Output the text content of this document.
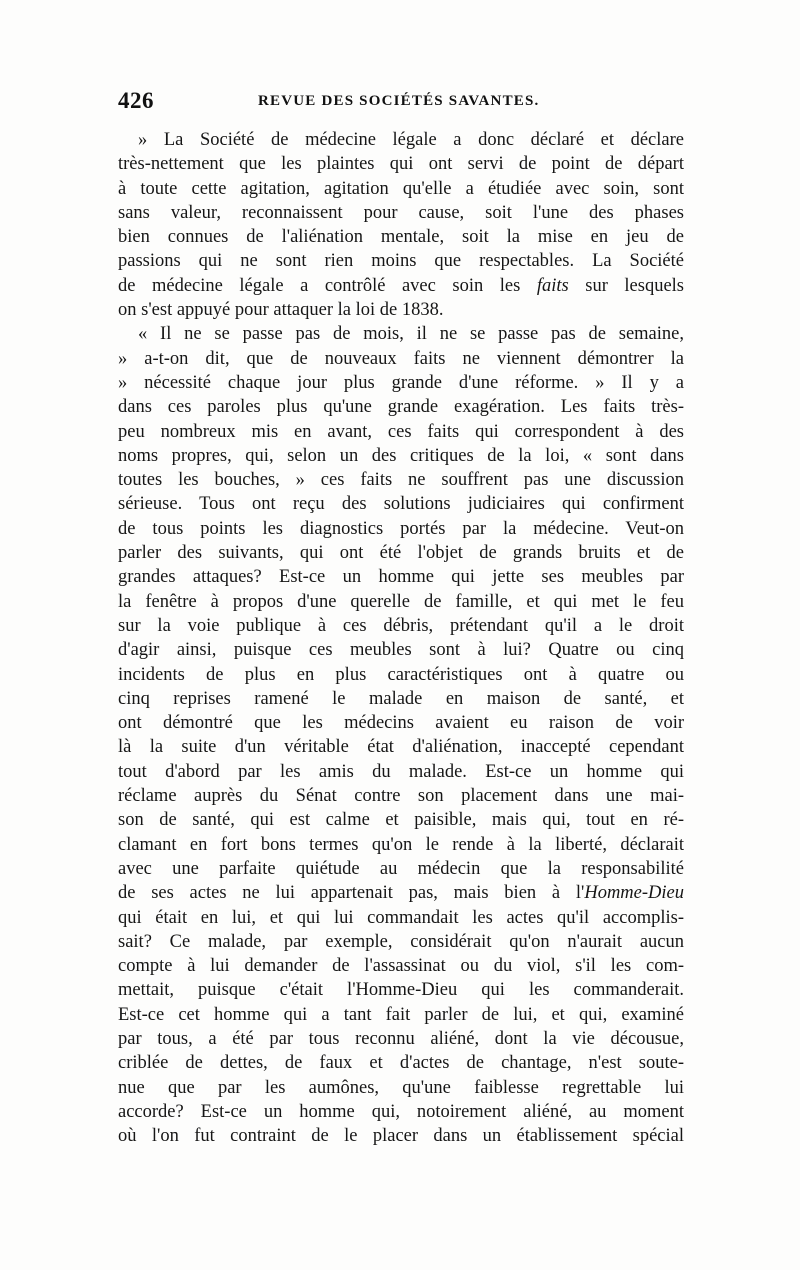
426	REVUE DES SOCIÉTÉS SAVANTES.
» La Société de médecine légale a donc déclaré et déclare
très-nettement que les plaintes qui ont servi de point de départ
à toute cette agitation, agitation qu'elle a étudiée avec soin, sont
sans valeur, reconnaissent pour cause, soit l'une des phases
bien connues de l'aliénation mentale, soit la mise en jeu de
passions qui ne sont rien moins que respectables. La Société
de médecine légale a contrôlé avec soin les faits sur lesquels
on s'est appuyé pour attaquer la loi de 1838.
« Il ne se passe pas de mois, il ne se passe pas de semaine,
» a-t-on dit, que de nouveaux faits ne viennent démontrer la
» nécessité chaque jour plus grande d'une réforme. » Il y a
dans ces paroles plus qu'une grande exagération. Les faits très-
peu nombreux mis en avant, ces faits qui correspondent à des
noms propres, qui, selon un des critiques de la loi, « sont dans
toutes les bouches, » ces faits ne souffrent pas une discussion
sérieuse. Tous ont reçu des solutions judiciaires qui confirment
de tous points les diagnostics portés par la médecine. Veut-on
parler des suivants, qui ont été l'objet de grands bruits et de
grandes attaques? Est-ce un homme qui jette ses meubles par
la fenêtre à propos d'une querelle de famille, et qui met le feu
sur la voie publique à ces débris, prétendant qu'il a le droit
d'agir ainsi, puisque ces meubles sont à lui? Quatre ou cinq
incidents de plus en plus caractéristiques ont à quatre ou
cinq reprises ramené le malade en maison de santé, et
ont démontré que les médecins avaient eu raison de voir
là la suite d'un véritable état d'aliénation, inaccepté cependant
tout d'abord par les amis du malade. Est-ce un homme qui
réclame auprès du Sénat contre son placement dans une mai-
son de santé, qui est calme et paisible, mais qui, tout en ré-
clamant en fort bons termes qu'on le rende à la liberté, déclarait
avec une parfaite quiétude au médecin que la responsabilité
de ses actes ne lui appartenait pas, mais bien à l'Homme-Dieu
qui était en lui, et qui lui commandait les actes qu'il accomplis-
sait? Ce malade, par exemple, considérait qu'on n'aurait aucun
compte à lui demander de l'assassinat ou du viol, s'il les com-
mettait, puisque c'était l'Homme-Dieu qui les commanderait.
Est-ce cet homme qui a tant fait parler de lui, et qui, examiné
par tous, a été par tous reconnu aliéné, dont la vie décousue,
criblée de dettes, de faux et d'actes de chantage, n'est soute-
nue que par les aumônes, qu'une faiblesse regrettable lui
accorde? Est-ce un homme qui, notoirement aliéné, au moment
où l'on fut contraint de le placer dans un établissement spécial
